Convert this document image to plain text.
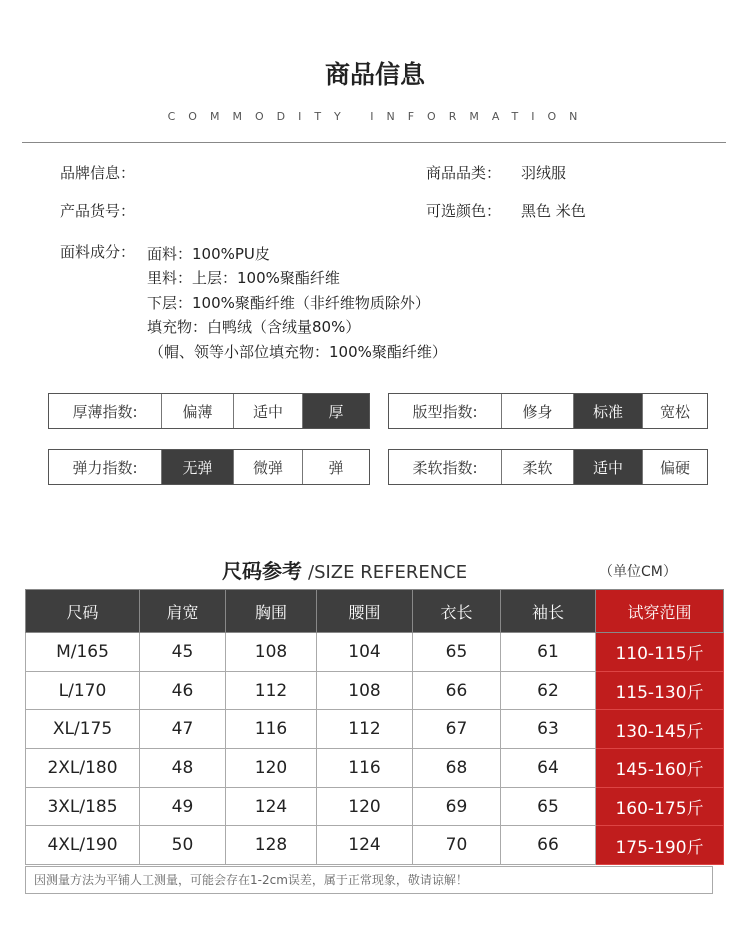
商品信息
COMMODITY INFORMATION
品牌信息：
产品货号：
商品品类： 羽绒服
可选颜色： 黑色 米色
面料成分： 面料：100%PU皮
里料：上层：100%聚酯纤维
下层：100%聚酯纤维（非纤维物质除外）
填充物：白鸭绒（含绒量80%）
（帽、领等小部位填充物：100%聚酯纤维）
厚薄指数:	偏薄	适中	厚	版型指数:	修身	标准	宽松
弹力指数:	无弹	微弹	弹	柔软指数:	柔软	适中	偏硬
尺码参考 /SIZE REFERENCE	（单位CM）
尺码	肩宽	胸围	腰围	衣长	袖长	试穿范围
M/165	45	108	104	65	61	110-115斤
L/170	46	112	108	66	62	115-130斤
XL/175	47	116	112	67	63	130-145斤
2XL/180	48	120	116	68	64	145-160斤
3XL/185	49	124	120	69	65	160-175斤
4XL/190	50	128	124	70	66	175-190斤
因测量方法为平铺人工测量，可能会存在1-2cm误差，属于正常现象，敬请谅解！
